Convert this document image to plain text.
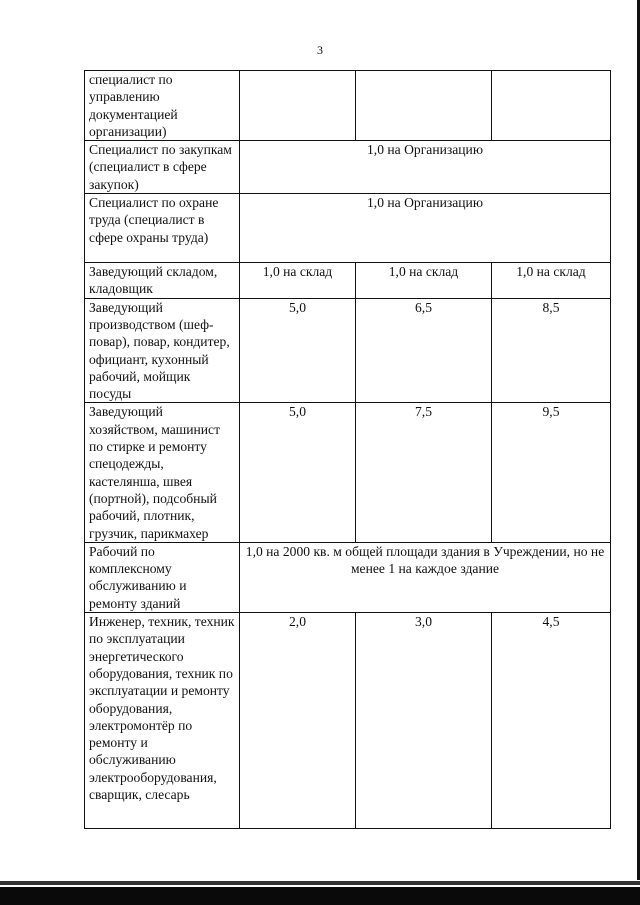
3
специалист по управлению документацией организации)			
Специалист по закупкам (специалист в сфере закупок)	1,0 на Организацию		
Специалист по охране труда (специалист в сфере охраны труда)	1,0 на Организацию		
Заведующий складом, кладовщик	1,0 на склад	1,0 на склад	1,0 на склад
Заведующий производством (шеф-повар), повар, кондитер, официант, кухонный рабочий, мойщик посуды	5,0	6,5	8,5
Заведующий хозяйством, машинист по стирке и ремонту спецодежды, кастелянша, швея (портной), подсобный рабочий, плотник, грузчик, парикмахер	5,0	7,5	9,5
Рабочий по комплексному обслуживанию и ремонту зданий	1,0 на 2000 кв. м общей площади здания в Учреждении, но не менее 1 на каждое здание		
Инженер, техник, техник по эксплуатации энергетического оборудования, техник по эксплуатации и ремонту оборудования, электромонтёр по ремонту и обслуживанию электрооборудования, сварщик, слесарь	2,0	3,0	4,5
